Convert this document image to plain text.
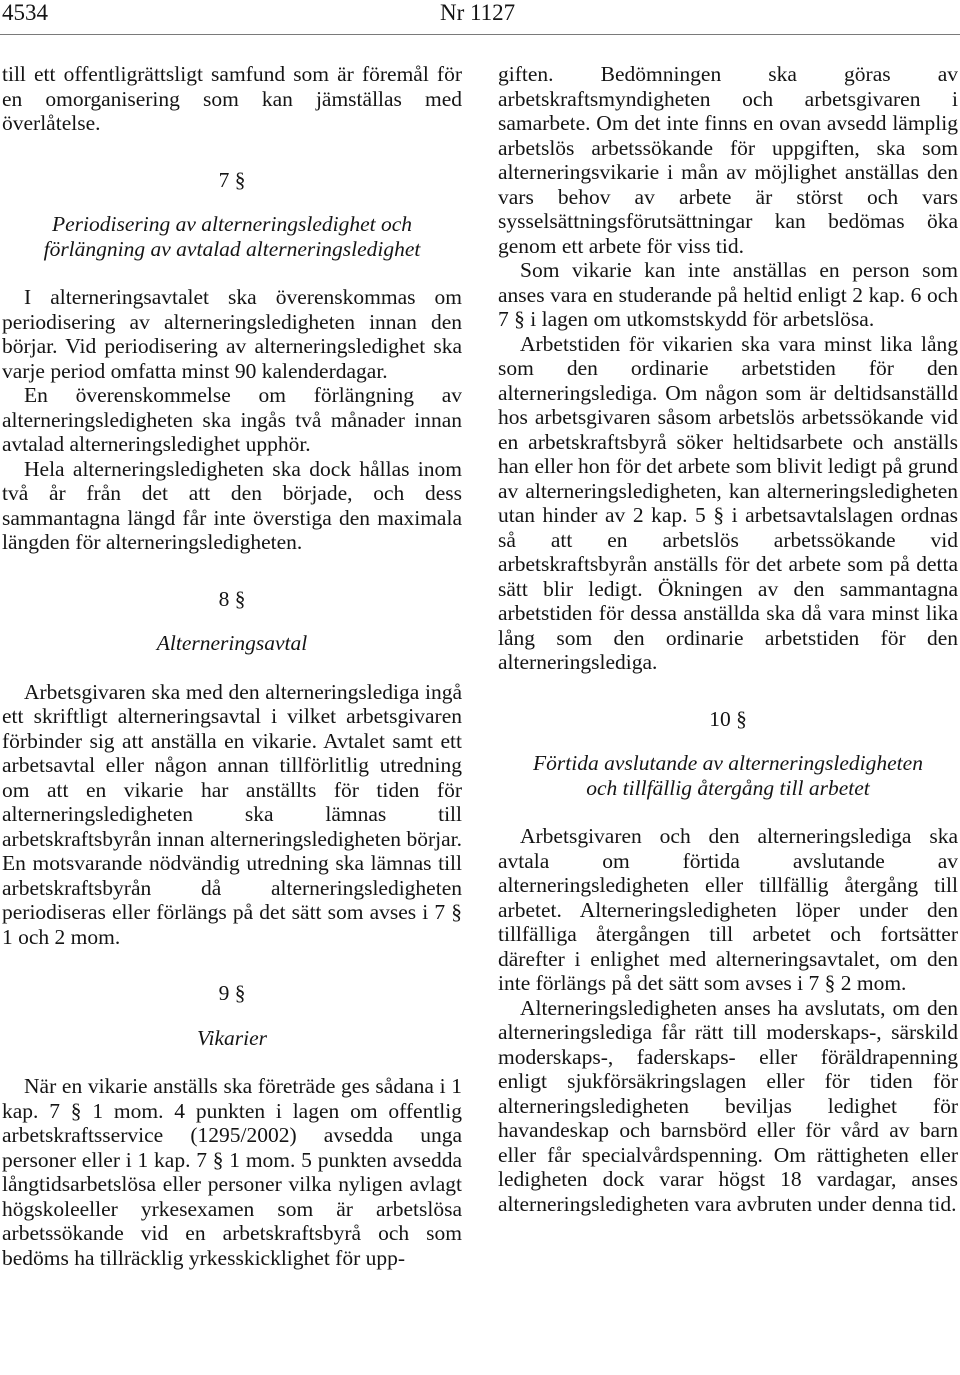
4534	Nr 1127

till ett offentligrättsligt samfund som är föremål för en omorganisering som kan jämställas med överlåtelse.

7 §
Periodisering av alterneringsledighet och
förlängning av avtalad alterneringsledighet

I alterneringsavtalet ska överenskommas om periodisering av alterneringsledigheten innan den börjar. Vid periodisering av alterneringsledighet ska varje period omfatta minst 90 kalenderdagar.

En överenskommelse om förlängning av alterneringsledigheten ska ingås två månader innan avtalad alterneringsledighet upphör.

Hela alterneringsledigheten ska dock hållas inom två år från det att den började, och dess sammantagna längd får inte överstiga den maximala längden för alterneringsledigheten.

8 §
Alterneringsavtal

Arbetsgivaren ska med den alterneringslediga ingå ett skriftligt alterneringsavtal i vilket arbetsgivaren förbinder sig att anställa en vikarie. Avtalet samt ett arbetsavtal eller någon annan tillförlitlig utredning om att en vikarie har anställts för tiden för alterneringsledigheten ska lämnas till arbetskraftsbyrån innan alterneringsledigheten börjar. En motsvarande nödvändig utredning ska lämnas till arbetskraftsbyrån då alterneringsledigheten periodiseras eller förlängs på det sätt som avses i 7 § 1 och 2 mom.

9 §
Vikarier

När en vikarie anställs ska företräde ges sådana i 1 kap. 7 § 1 mom. 4 punkten i lagen om offentlig arbetskraftsservice (1295/2002) avsedda unga personer eller i 1 kap. 7 § 1 mom. 5 punkten avsedda långtidsarbetslösa eller personer vilka nyligen avlagt högskoleeller yrkesexamen som är arbetslösa arbetssökande vid en arbetskraftsbyrå och som bedöms ha tillräcklig yrkesskicklighet för upp-

giften. Bedömningen ska göras av arbetskraftsmyndigheten och arbetsgivaren i samarbete. Om det inte finns en ovan avsedd lämplig arbetslös arbetssökande för uppgiften, ska som alterneringsvikarie i mån av möjlighet anställas den vars behov av arbete är störst och vars sysselsättningsförutsättningar kan bedömas öka genom ett arbete för viss tid.

Som vikarie kan inte anställas en person som anses vara en studerande på heltid enligt 2 kap. 6 och 7 § i lagen om utkomstskydd för arbetslösa.

Arbetstiden för vikarien ska vara minst lika lång som den ordinarie arbetstiden för den alterneringslediga. Om någon som är deltidsanställd hos arbetsgivaren såsom arbetslös arbetssökande vid en arbetskraftsbyrå söker heltidsarbete och anställs han eller hon för det arbete som blivit ledigt på grund av alterneringsledigheten, kan alterneringsledigheten utan hinder av 2 kap. 5 § i arbetsavtalslagen ordnas så att en arbetslös arbetssökande vid arbetskraftsbyrån anställs för det arbete som på detta sätt blir ledigt. Ökningen av den sammantagna arbetstiden för dessa anställda ska då vara minst lika lång som den ordinarie arbetstiden för den alterneringslediga.

10 §
Förtida avslutande av alterneringsledigheten
och tillfällig återgång till arbetet

Arbetsgivaren och den alterneringslediga ska avtala om förtida avslutande av alterneringsledigheten eller tillfällig återgång till arbetet. Alterneringsledigheten löper under den tillfälliga återgången till arbetet och fortsätter därefter i enlighet med alterneringsavtalet, om den inte förlängs på det sätt som avses i 7 § 2 mom.

Alterneringsledigheten anses ha avslutats, om den alterneringslediga får rätt till moderskaps-, särskild moderskaps-, faderskaps- eller föräldrapenning enligt sjukförsäkringslagen eller för tiden för alterneringsledigheten beviljas ledighet för havandeskap och barnsbörd eller för vård av barn eller får specialvårdspenning. Om rättigheten eller ledigheten dock varar högst 18 vardagar, anses alterneringsledigheten vara avbruten under denna tid.
